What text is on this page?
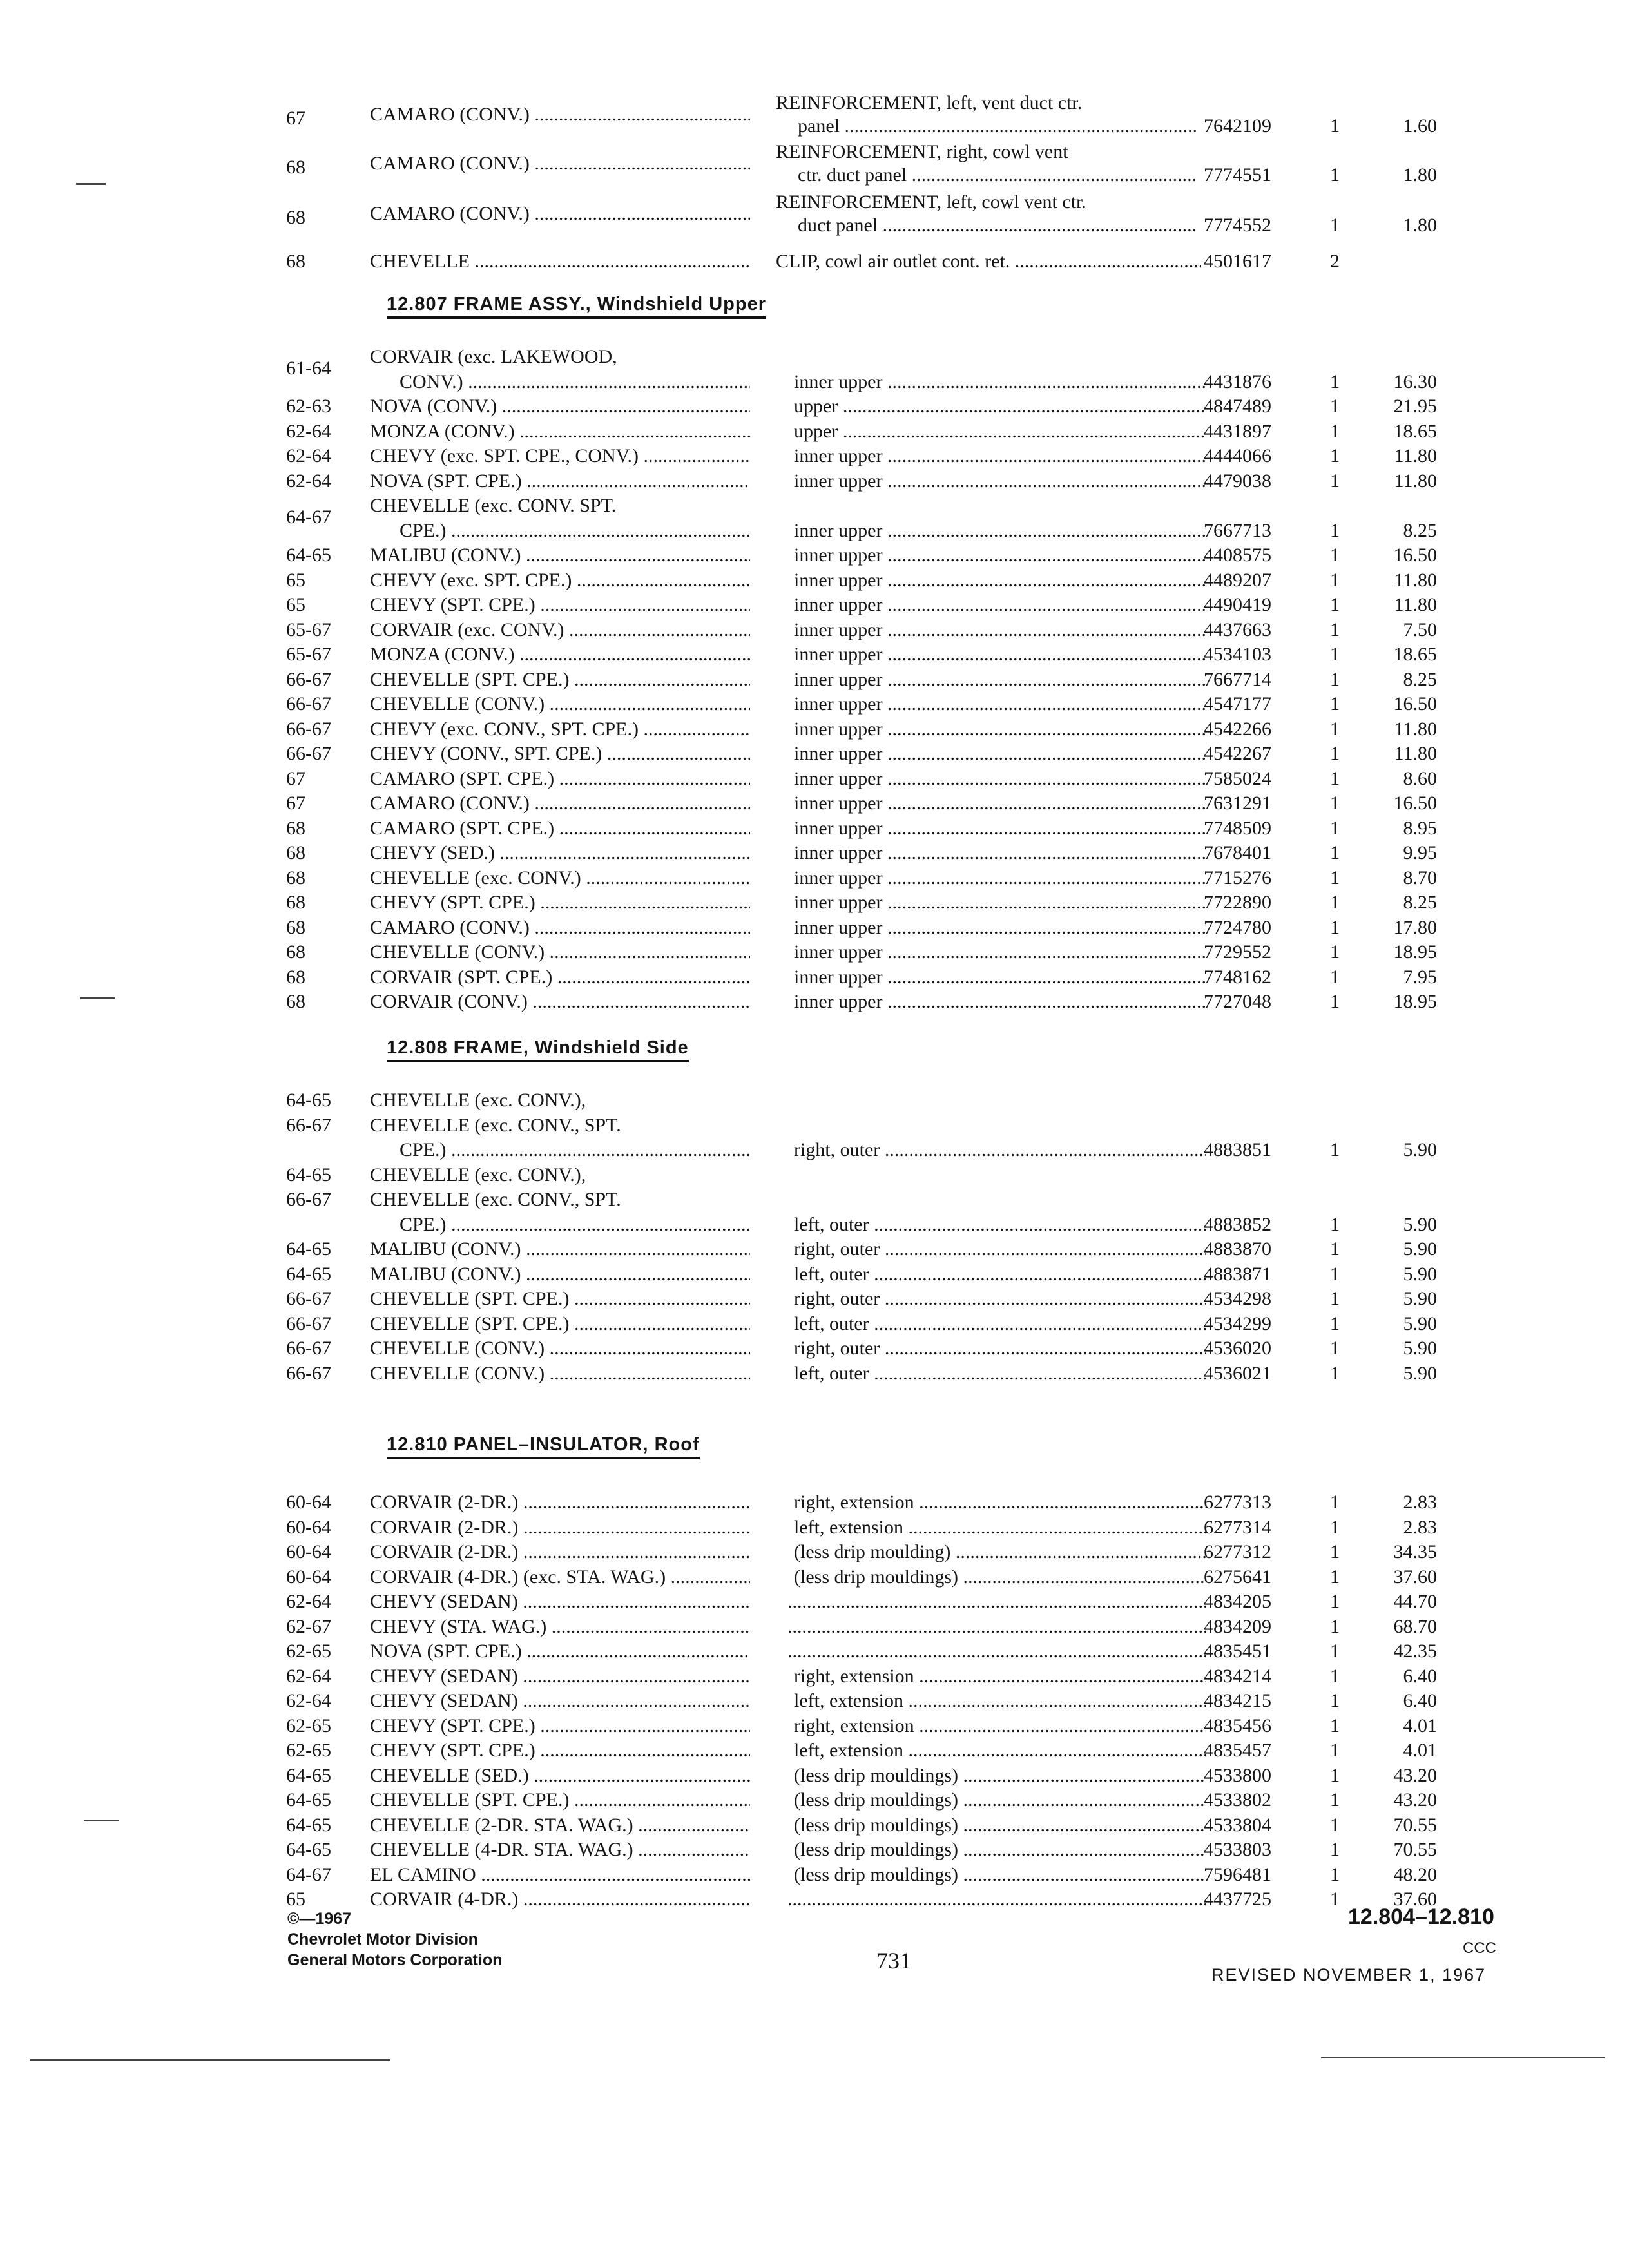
67	CAMARO (CONV.) .....
REINFORCEMENT, left, vent duct ctr.
panel .....	7642109	1	1.60
68	CAMARO (CONV.) .....
REINFORCEMENT, right, cowl vent
ctr. duct panel .....	7774551	1	1.80
68	CAMARO (CONV.) .....
REINFORCEMENT, left, cowl vent ctr.
duct panel .....	7774552	1	1.80
68	CHEVELLE .....	CLIP, cowl air outlet cont. ret. .....	4501617	2
12.807 FRAME ASSY., Windshield Upper
61-64
CORVAIR (exc. LAKEWOOD,
CONV.) .....	inner upper .....	4431876	1	16.30
62-63 NOVA (CONV.) .....	upper .....	4847489	1	21.95
62-64 MONZA (CONV.) .....	upper .....	4431897	1	18.65
62-64 CHEVY (exc. SPT. CPE., CONV.) .....	inner upper .....	4444066	1	11.80
62-64 NOVA (SPT. CPE.) .....	inner upper .....	4479038	1	11.80
64-67
CHEVELLE (exc. CONV. SPT.
CPE.) .....	inner upper .....	7667713	1	8.25
64-65 MALIBU (CONV.) .....	inner upper .....	4408575	1	16.50
65	CHEVY (exc. SPT. CPE.) .....	inner upper .....	4489207	1	11.80
65	CHEVY (SPT. CPE.) .....	inner upper .....	4490419	1	11.80
65-67 CORVAIR (exc. CONV.) .....	inner upper .....	4437663	1	7.50
65-67 MONZA (CONV.) .....	inner upper .....	4534103	1	18.65
66-67 CHEVELLE (SPT. CPE.) .....	inner upper .....	7667714	1	8.25
66-67 CHEVELLE (CONV.) .....	inner upper .....	4547177	1	16.50
66-67 CHEVY (exc. CONV., SPT. CPE.) .....	inner upper .....	4542266	1	11.80
66-67 CHEVY (CONV., SPT. CPE.) .....	inner upper .....	4542267	1	11.80
67	CAMARO (SPT. CPE.) .....	inner upper .....	7585024	1	8.60
67	CAMARO (CONV.) .....	inner upper .....	7631291	1	16.50
68	CAMARO (SPT. CPE.) .....	inner upper .....	7748509	1	8.95
68	CHEVY (SED.) .....	inner upper .....	7678401	1	9.95
68	CHEVELLE (exc. CONV.) .....	inner upper .....	7715276	1	8.70
68	CHEVY (SPT. CPE.) .....	inner upper .....	7722890	1	8.25
68	CAMARO (CONV.) .....	inner upper .....	7724780	1	17.80
68	CHEVELLE (CONV.) .....	inner upper .....	7729552	1	18.95
68	CORVAIR (SPT. CPE.) .....	inner upper .....	7748162	1	7.95
68	CORVAIR (CONV.) .....	inner upper .....	7727048	1	18.95
12.808 FRAME, Windshield Side
64-65 CHEVELLE (exc. CONV.),
66-67 CHEVELLE (exc. CONV., SPT.
CPE.) .....	right, outer .....	4883851	1	5.90
64-65 CHEVELLE (exc. CONV.),
66-67 CHEVELLE (exc. CONV., SPT.
CPE.) .....	left, outer .....	4883852	1	5.90
64-65 MALIBU (CONV.) .....	right, outer .....	4883870	1	5.90
64-65 MALIBU (CONV.) .....	left, outer .....	4883871	1	5.90
66-67 CHEVELLE (SPT. CPE.) .....	right, outer .....	4534298	1	5.90
66-67 CHEVELLE (SPT. CPE.) .....	left, outer .....	4534299	1	5.90
66-67 CHEVELLE (CONV.) .....	right, outer .....	4536020	1	5.90
66-67 CHEVELLE (CONV.) .....	left, outer .....	4536021	1	5.90
12.810 PANEL–INSULATOR, Roof
60-64 CORVAIR (2-DR.) .....	right, extension .....	6277313	1	2.83
60-64 CORVAIR (2-DR.) .....	left, extension .....	6277314	1	2.83
60-64 CORVAIR (2-DR.) .....	(less drip moulding) .....	6277312	1	34.35
60-64 CORVAIR (4-DR.) (exc. STA. WAG.) .....	(less drip mouldings) .....	6275641	1	37.60
62-64 CHEVY (SEDAN) ..... .....	4834205	1	44.70
62-67 CHEVY (STA. WAG.) ..... .....	4834209	1	68.70
62-65 NOVA (SPT. CPE.) ..... .....	4835451	1	42.35
62-64 CHEVY (SEDAN) .....	right, extension .....	4834214	1	6.40
62-64 CHEVY (SEDAN) .....	left, extension .....	4834215	1	6.40
62-65 CHEVY (SPT. CPE.) .....	right, extension .....	4835456	1	4.01
62-65 CHEVY (SPT. CPE.) .....	left, extension .....	4835457	1	4.01
64-65 CHEVELLE (SED.) .....	(less drip mouldings) .....	4533800	1	43.20
64-65 CHEVELLE (SPT. CPE.) .....	(less drip mouldings) .....	4533802	1	43.20
64-65 CHEVELLE (2-DR. STA. WAG.) .....	(less drip mouldings) .....	4533804	1	70.55
64-65 CHEVELLE (4-DR. STA. WAG.) .....	(less drip mouldings) .....	4533803	1	70.55
64-67 EL CAMINO .....	(less drip mouldings) .....	7596481	1	48.20
65	CORVAIR (4-DR.) ..... .....	4437725	1	37.60
©—1967
Chevrolet Motor Division
General Motors Corporation	731
12.804–12.810
CCC
REVISED NOVEMBER 1, 1967
